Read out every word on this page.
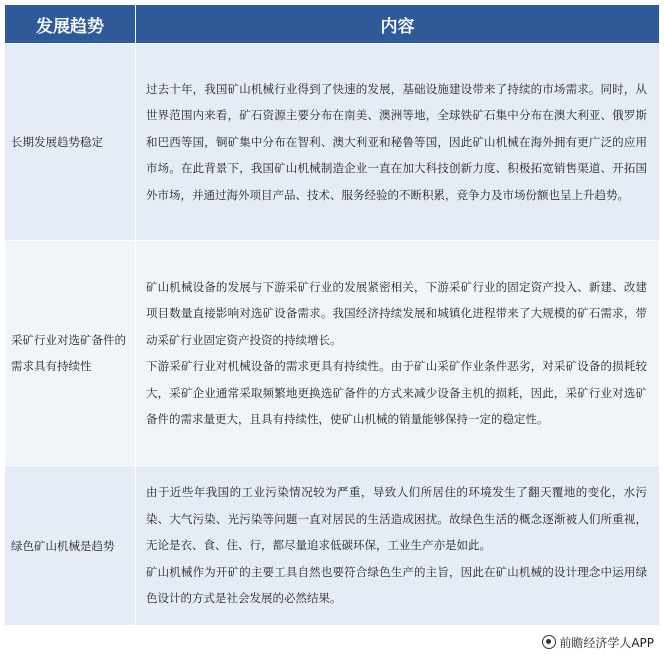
发展趋势	内容
长期发展趋势稳定	过去十年，我国矿山机械行业得到了快速的发展，基础设施建设带来了持续的市场需求。同时，从世界范围内来看，矿石资源主要分布在南美、澳洲等地，全球铁矿石集中分布在澳大利亚、俄罗斯和巴西等国，铜矿集中分布在智利、澳大利亚和秘鲁等国，因此矿山机械在海外拥有更广泛的应用市场。在此背景下，我国矿山机械制造企业一直在加大科技创新力度、积极拓宽销售渠道、开拓国外市场，并通过海外项目产品、技术、服务经验的不断积累，竞争力及市场份额也呈上升趋势。

采矿行业对选矿备件的需求具有持续性	矿山机械设备的发展与下游采矿行业的发展紧密相关，下游采矿行业的固定资产投入、新建、改建项目数量直接影响对选矿设备需求。我国经济持续发展和城镇化进程带来了大规模的矿石需求，带动采矿行业固定资产投资的持续增长。
下游采矿行业对机械设备的需求更具有持续性。由于矿山采矿作业条件恶劣，对采矿设备的损耗较大，采矿企业通常采取频繁地更换选矿备件的方式来减少设备主机的损耗，因此，采矿行业对选矿备件的需求量更大，且具有持续性，使矿山机械的销量能够保持一定的稳定性。

绿色矿山机械是趋势	由于近些年我国的工业污染情况较为严重，导致人们所居住的环境发生了翻天覆地的变化，水污染、大气污染、光污染等问题一直对居民的生活造成困扰。故绿色生活的概念逐渐被人们所重视，无论是衣、食、住、行，都尽量追求低碳环保，工业生产亦是如此。
矿山机械作为开矿的主要工具自然也要符合绿色生产的主旨，因此在矿山机械的设计理念中运用绿色设计的方式是社会发展的必然结果。
前瞻经济学人APP
